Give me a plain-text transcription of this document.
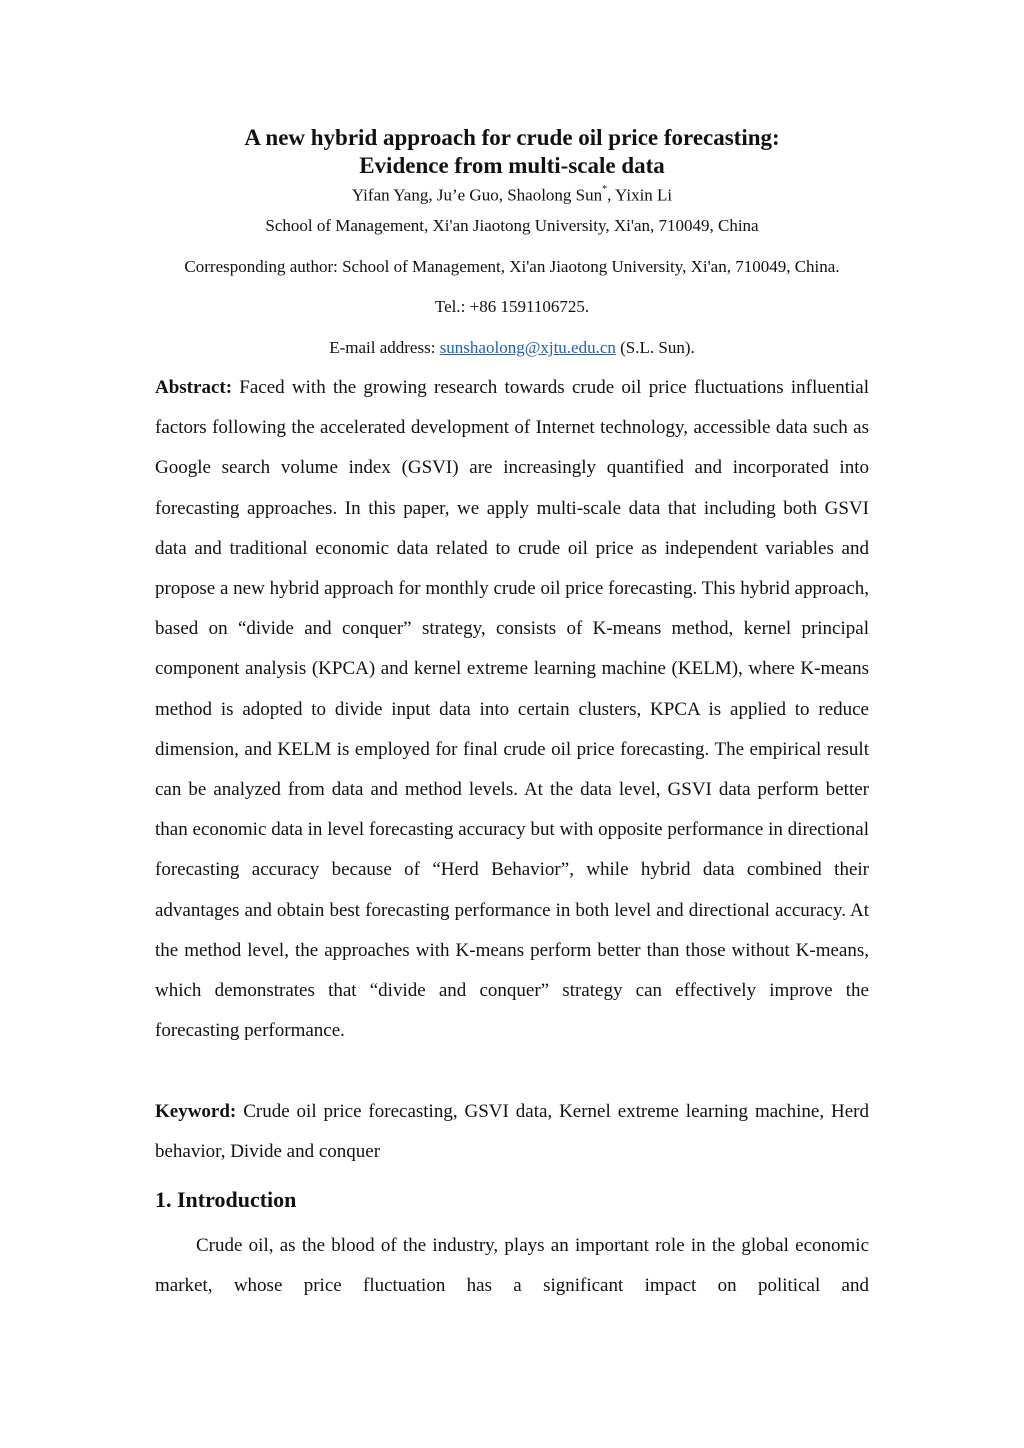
A new hybrid approach for crude oil price forecasting:
Evidence from multi-scale data
Yifan Yang, Ju’e Guo, Shaolong Sun*, Yixin Li
School of Management, Xi'an Jiaotong University, Xi'an, 710049, China
Corresponding author: School of Management, Xi'an Jiaotong University, Xi'an, 710049, China.
Tel.: +86 1591106725.
E-mail address: sunshaolong@xjtu.edu.cn (S.L. Sun).
Abstract: Faced with the growing research towards crude oil price fluctuations influential factors following the accelerated development of Internet technology, accessible data such as Google search volume index (GSVI) are increasingly quantified and incorporated into forecasting approaches. In this paper, we apply multi-scale data that including both GSVI data and traditional economic data related to crude oil price as independent variables and propose a new hybrid approach for monthly crude oil price forecasting. This hybrid approach, based on “divide and conquer” strategy, consists of K-means method, kernel principal component analysis (KPCA) and kernel extreme learning machine (KELM), where K-means method is adopted to divide input data into certain clusters, KPCA is applied to reduce dimension, and KELM is employed for final crude oil price forecasting. The empirical result can be analyzed from data and method levels. At the data level, GSVI data perform better than economic data in level forecasting accuracy but with opposite performance in directional forecasting accuracy because of “Herd Behavior”, while hybrid data combined their advantages and obtain best forecasting performance in both level and directional accuracy. At the method level, the approaches with K-means perform better than those without K-means, which demonstrates that “divide and conquer” strategy can effectively improve the forecasting performance.
Keyword: Crude oil price forecasting, GSVI data, Kernel extreme learning machine, Herd behavior, Divide and conquer
1. Introduction
Crude oil, as the blood of the industry, plays an important role in the global economic market, whose price fluctuation has a significant impact on political and
